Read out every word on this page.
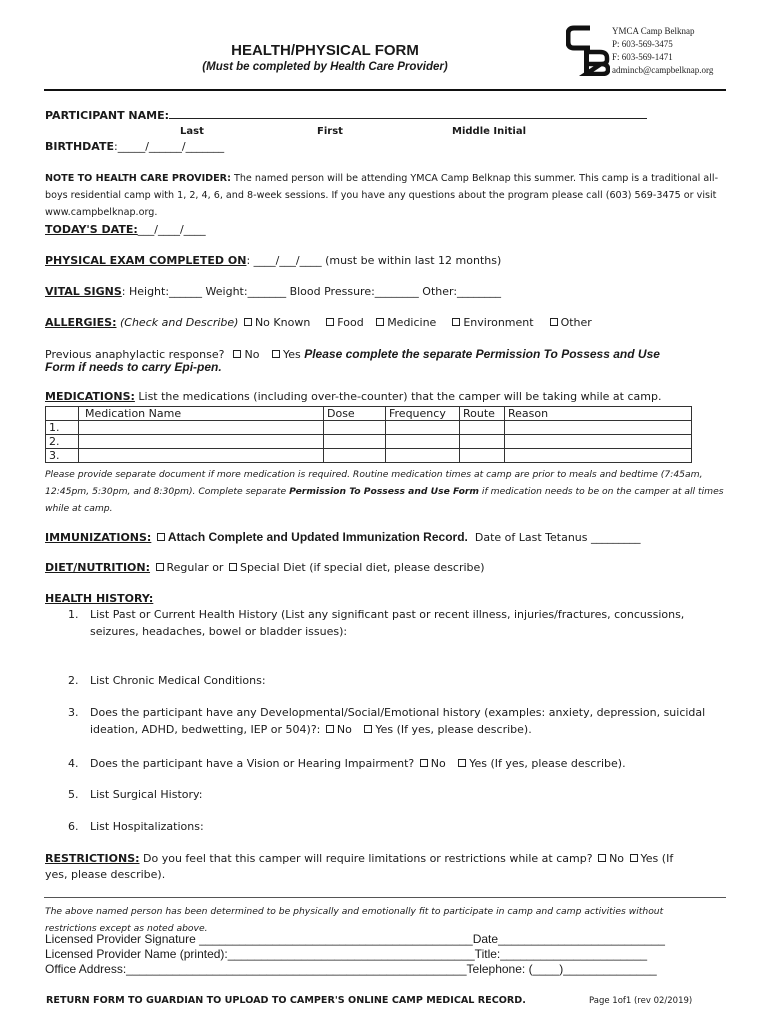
HEALTH/PHYSICAL FORM
(Must be completed by Health Care Provider)
YMCA Camp Belknap
P: 603-569-3475
F: 603-569-1471
admincb@campbelknap.org
PARTICIPANT NAME:
Last	First	Middle Initial
BIRTHDATE:_____/______/_______
NOTE TO HEALTH CARE PROVIDER: The named person will be attending YMCA Camp Belknap this summer. This camp is a traditional all-boys residential camp with 1, 2, 4, 6, and 8-week sessions. If you have any questions about the program please call (603) 569-3475 or visit www.campbelknap.org.
TODAY'S DATE:___/____/____
PHYSICAL EXAM COMPLETED ON: ____/___/____ (must be within last 12 months)
VITAL SIGNS: Height:______ Weight:_______ Blood Pressure:________ Other:________
ALLERGIES: (Check and Describe) No Known Food Medicine Environment Other
Previous anaphylactic response? No Yes Please complete the separate Permission To Possess and Use
Form if needs to carry Epi-pen.
MEDICATIONS: List the medications (including over-the-counter) that the camper will be taking while at camp.
	Medication Name	Dose	Frequency	Route	Reason
1.					
2.					
3.					
Please provide separate document if more medication is required. Routine medication times at camp are prior to meals and bedtime (7:45am, 12:45pm, 5:30pm, and 8:30pm). Complete separate Permission To Possess and Use Form if medication needs to be on the camper at all times while at camp.
IMMUNIZATIONS: Attach Complete and Updated Immunization Record. Date of Last Tetanus _________
DIET/NUTRITION: Regular or Special Diet (if special diet, please describe)
HEALTH HISTORY:
1. List Past or Current Health History (List any significant past or recent illness, injuries/fractures, concussions, seizures, headaches, bowel or bladder issues):
2. List Chronic Medical Conditions:
3. Does the participant have any Developmental/Social/Emotional history (examples: anxiety, depression, suicidal ideation, ADHD, bedwetting, IEP or 504)?: No Yes (If yes, please describe).
4. Does the participant have a Vision or Hearing Impairment? No Yes (If yes, please describe).
5. List Surgical History:
6. List Hospitalizations:
RESTRICTIONS: Do you feel that this camper will require limitations or restrictions while at camp? No Yes (If
yes, please describe).
The above named person has been determined to be physically and emotionally fit to participate in camp and camp activities without restrictions except as noted above.
Licensed Provider Signature _________________________________________Date_________________________
Licensed Provider Name (printed):_____________________________________Title:______________________
Office Address:___________________________________________________Telephone: (____)______________
RETURN FORM TO GUARDIAN TO UPLOAD TO CAMPER'S ONLINE CAMP MEDICAL RECORD.	Page 1of1 (rev 02/2019)
